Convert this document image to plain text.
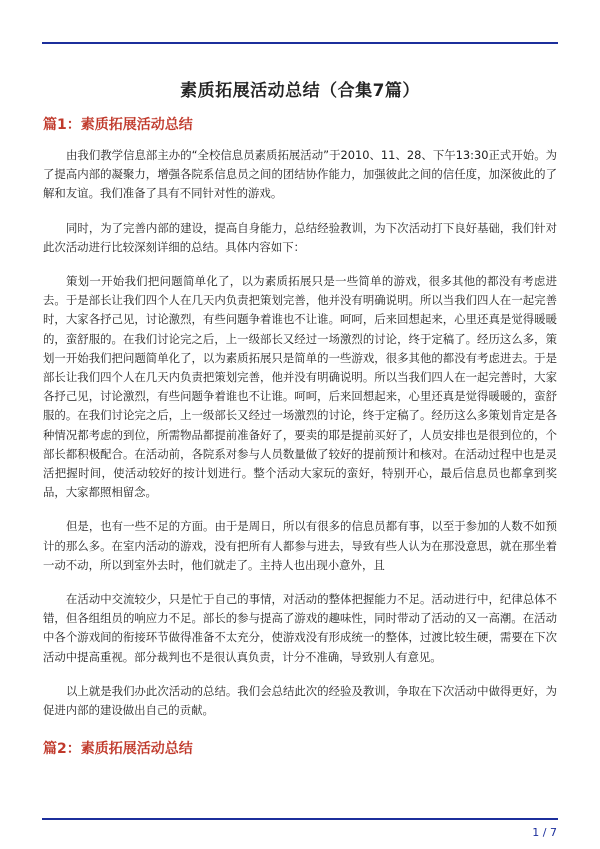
素质拓展活动总结（合集7篇）
篇1：素质拓展活动总结

由我们教学信息部主办的“全校信息员素质拓展活动”于2010、11、28、下午13:30正式开始。为了提高内部的凝聚力，增强各院系信息员之间的团结协作能力，加强彼此之间的信任度，加深彼此的了解和友谊。我们准备了具有不同针对性的游戏。

同时，为了完善内部的建设，提高自身能力，总结经验教训，为下次活动打下良好基础，我们针对此次活动进行比较深刻详细的总结。具体内容如下：

策划一开始我们把问题简单化了，以为素质拓展只是一些简单的游戏，很多其他的都没有考虑进去。于是部长让我们四个人在几天内负责把策划完善，他并没有明确说明。所以当我们四人在一起完善时，大家各抒己见，讨论激烈，有些问题争着谁也不让谁。呵呵，后来回想起来，心里还真是觉得暖暖的，蛮舒服的。在我们讨论完之后，上一级部长又经过一场激烈的讨论，终于定稿了。经历这么多，策划一开始我们把问题简单化了，以为素质拓展只是简单的一些游戏，很多其他的都没有考虑进去。于是部长让我们四个人在几天内负责把策划完善，他并没有明确说明。所以当我们四人在一起完善时，大家各抒己见，讨论激烈，有些问题争着谁也不让谁。呵呵，后来回想起来，心里还真是觉得暖暖的，蛮舒服的。在我们讨论完之后，上一级部长又经过一场激烈的讨论，终于定稿了。经历这么多策划肯定是各种情况都考虑的到位，所需物品都提前准备好了，要卖的耶是提前买好了，人员安排也是很到位的，个部长都积极配合。在活动前，各院系对参与人员数量做了较好的提前预计和核对。在活动过程中也是灵活把握时间，使活动较好的按计划进行。整个活动大家玩的蛮好，特别开心，最后信息员也都拿到奖品，大家都照相留念。

但是，也有一些不足的方面。由于是周日，所以有很多的信息员都有事，以至于参加的人数不如预计的那么多。在室内活动的游戏，没有把所有人都参与进去，导致有些人认为在那没意思，就在那坐着一动不动，所以到室外去时，他们就走了。主持人也出现小意外，且

在活动中交流较少，只是忙于自己的事情，对活动的整体把握能力不足。活动进行中，纪律总体不错，但各组组员的响应力不足。部长的参与提高了游戏的趣味性，同时带动了活动的又一高潮。在活动中各个游戏间的衔接环节做得准备不太充分，使游戏没有形成统一的整体，过渡比较生硬，需要在下次活动中提高重视。部分裁判也不是很认真负责，计分不准确，导致别人有意见。

以上就是我们办此次活动的总结。我们会总结此次的经验及教训，争取在下次活动中做得更好，为促进内部的建设做出自己的贡献。

篇2：素质拓展活动总结
1 / 7
